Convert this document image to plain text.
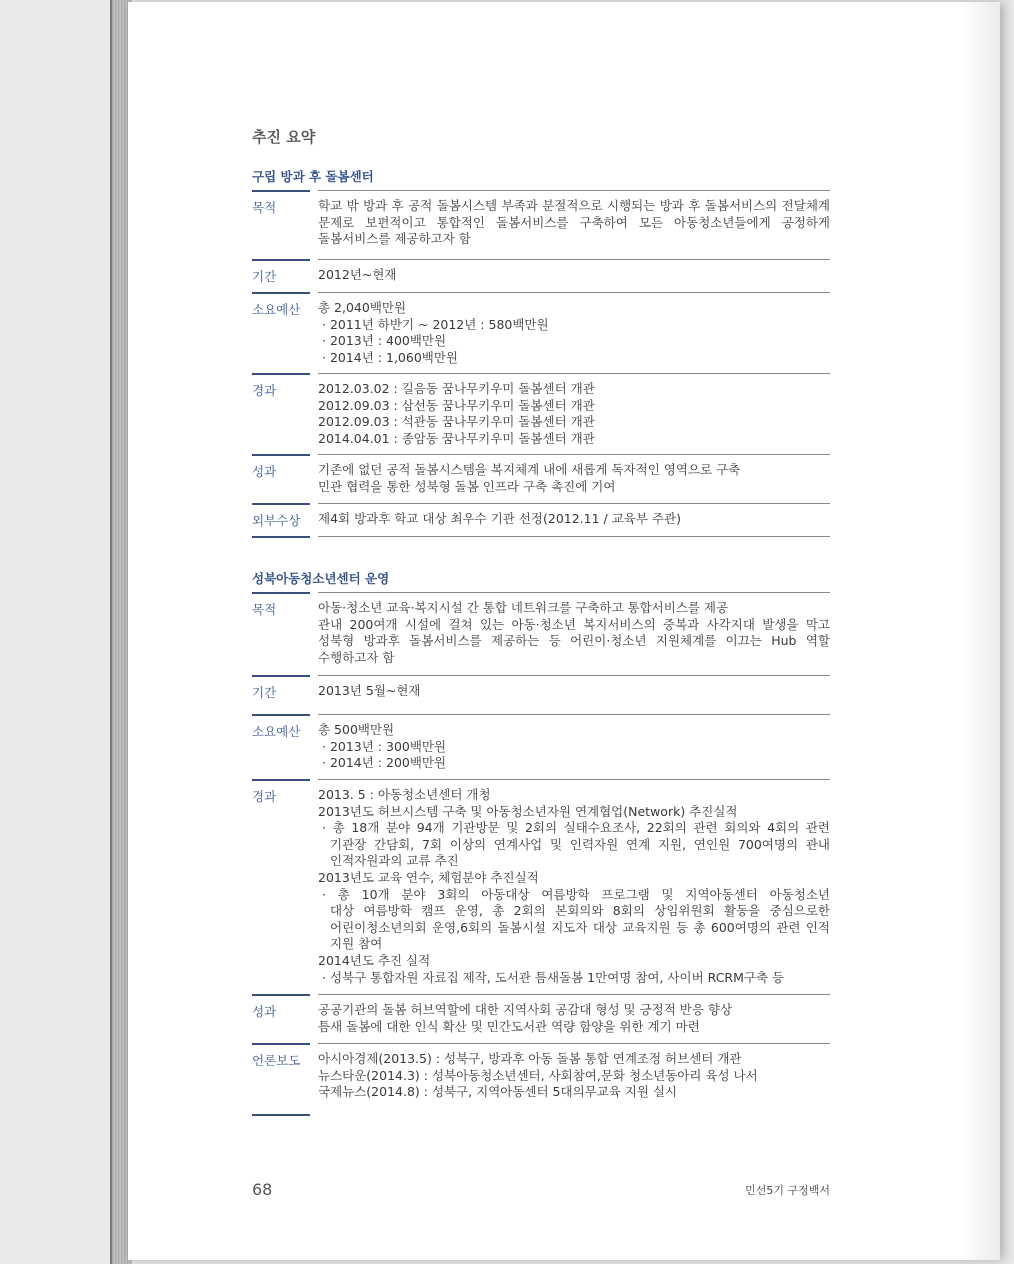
추진 요약
구립 방과 후 돌봄센터
목적	학교 밖 방과 후 공적 돌봄시스템 부족과 분절적으로 시행되는 방과 후 돌봄서비스의 전달체계
문제로 보편적이고 통합적인 돌봄서비스를 구축하여 모든 아동청소년들에게 공정하게
돌봄서비스를 제공하고자 함
기간	2012년~현재
소요예산	총 2,040백만원
· 2011년 하반기 ~ 2012년 : 580백만원
· 2013년 : 400백만원
· 2014년 : 1,060백만원
경과	2012.03.02 : 길음동 꿈나무키우미 돌봄센터 개관
2012.09.03 : 삼선동 꿈나무키우미 돌봄센터 개관
2012.09.03 : 석관동 꿈나무키우미 돌봄센터 개관
2014.04.01 : 종암동 꿈나무키우미 돌봄센터 개관
성과	기존에 없던 공적 돌봄시스템을 복지체계 내에 새롭게 독자적인 영역으로 구축
민관 협력을 통한 성북형 돌봄 인프라 구축 촉진에 기여
외부수상	제4회 방과후 학교 대상 최우수 기관 선정(2012.11 / 교육부 주관)
성북아동청소년센터 운영
목적	아동·청소년 교육·복지시설 간 통합 네트워크를 구축하고 통합서비스를 제공
관내 200여개 시설에 걸쳐 있는 아동·청소년 복지서비스의 중복과 사각지대 발생을 막고
성북형 방과후 돌봄서비스를 제공하는 등 어린이·청소년 지원체계를 이끄는 Hub 역할
수행하고자 함
기간	2013년 5월~현재
소요예산	총 500백만원
· 2013년 : 300백만원
· 2014년 : 200백만원
경과	2013. 5 : 아동청소년센터 개청
2013년도 허브시스템 구축 및 아동청소년자원 연계협업(Network) 추진실적
· 총 18개 분야 94개 기관방문 및 2회의 실태수요조사, 22회의 관련 회의와 4회의 관련
기관장 간담회, 7회 이상의 연계사업 및 인력자원 연계 지원, 연인원 700여명의 관내
인적자원과의 교류 추진
2013년도 교육 연수, 체험분야 추진실적
· 총 10개 분야 3회의 아동대상 여름방학 프로그램 및 지역아동센터 아동청소년
대상 여름방학 캠프 운영, 총 2회의 본회의와 8회의 상임위원회 활동을 중심으로한
어린이청소년의회 운영,6회의 돌봄시설 지도자 대상 교육지원 등 총 600여명의 관련 인적
지원 참여
2014년도 추진 실적
· 성북구 통합자원 자료집 제작, 도서관 틈새돌봄 1만여명 참여, 사이버 RCRM구축 등
성과	공공기관의 돌봄 허브역할에 대한 지역사회 공감대 형성 및 긍정적 반응 향상
틈새 돌봄에 대한 인식 확산 및 민간도서관 역량 함양을 위한 계기 마련
언론보도	아시아경제(2013.5) : 성북구, 방과후 아동 돌봄 통합 연계조정 허브센터 개관
뉴스타운(2014.3) : 성북아동청소년센터, 사회참여,문화 청소년동아리 육성 나서
국제뉴스(2014.8) : 성북구, 지역아동센터 5대의무교육 지원 실시
68	민선5기 구정백서
